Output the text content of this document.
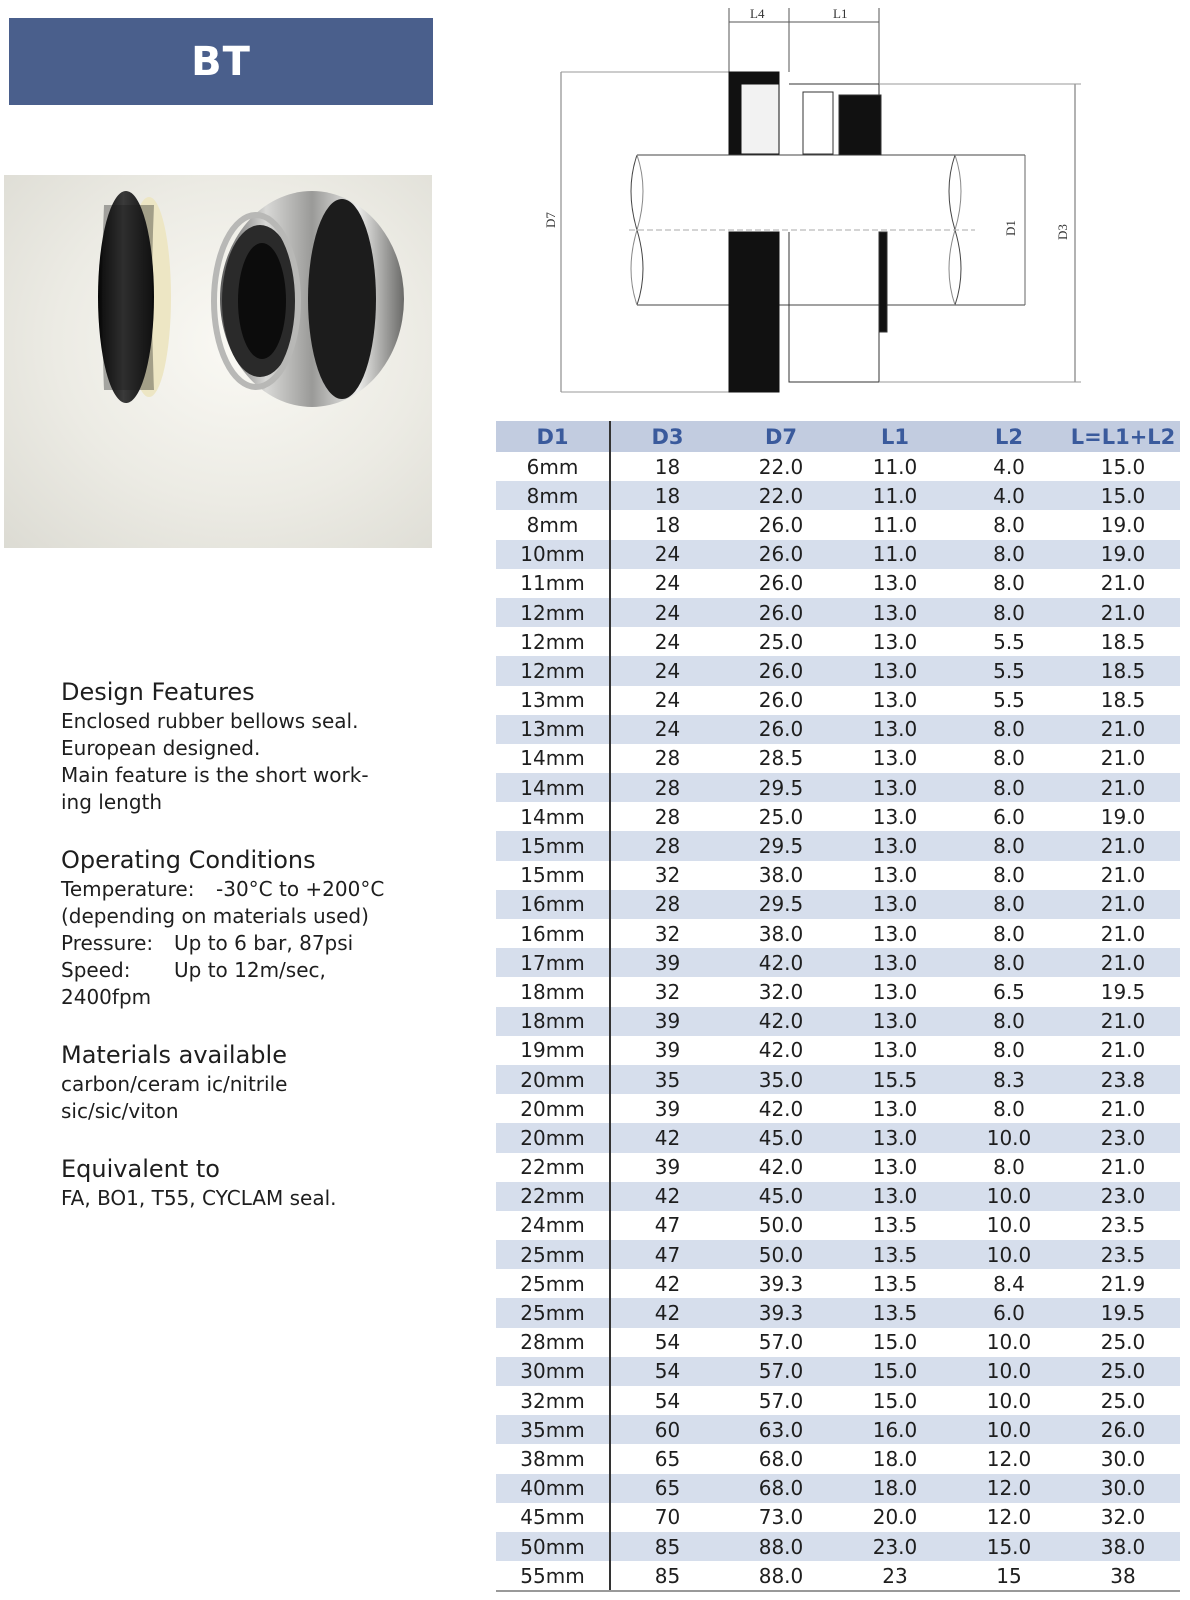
BT
Design Features

Enclosed rubber bellows seal.

European designed.

Main feature is the short work-

ing length

Operating Conditions
Temperature:	-30°C to +200°C

(depending on materials used)

Pressure:	Up to 6 bar, 87psi
Speed:	Up to 12m/sec,

2400fpm

Materials available

carbon/ceram ic/nitrile

sic/sic/viton

Equivalent to

FA, BO1, T55, CYCLAM seal.

L4	L1
D7
D1	D3
D1	D3	D7	L1	L2	L=L1+L2
6mm	18	22.0	11.0	4.0	15.0
8mm	18	22.0	11.0	4.0	15.0
8mm	18	26.0	11.0	8.0	19.0
10mm	24	26.0	11.0	8.0	19.0
11mm	24	26.0	13.0	8.0	21.0
12mm	24	26.0	13.0	8.0	21.0
12mm	24	25.0	13.0	5.5	18.5
12mm	24	26.0	13.0	5.5	18.5
13mm	24	26.0	13.0	5.5	18.5
13mm	24	26.0	13.0	8.0	21.0
14mm	28	28.5	13.0	8.0	21.0
14mm	28	29.5	13.0	8.0	21.0
14mm	28	25.0	13.0	6.0	19.0
15mm	28	29.5	13.0	8.0	21.0
15mm	32	38.0	13.0	8.0	21.0
16mm	28	29.5	13.0	8.0	21.0
16mm	32	38.0	13.0	8.0	21.0
17mm	39	42.0	13.0	8.0	21.0
18mm	32	32.0	13.0	6.5	19.5
18mm	39	42.0	13.0	8.0	21.0
19mm	39	42.0	13.0	8.0	21.0
20mm	35	35.0	15.5	8.3	23.8
20mm	39	42.0	13.0	8.0	21.0
20mm	42	45.0	13.0	10.0	23.0
22mm	39	42.0	13.0	8.0	21.0
22mm	42	45.0	13.0	10.0	23.0
24mm	47	50.0	13.5	10.0	23.5
25mm	47	50.0	13.5	10.0	23.5
25mm	42	39.3	13.5	8.4	21.9
25mm	42	39.3	13.5	6.0	19.5
28mm	54	57.0	15.0	10.0	25.0
30mm	54	57.0	15.0	10.0	25.0
32mm	54	57.0	15.0	10.0	25.0
35mm	60	63.0	16.0	10.0	26.0
38mm	65	68.0	18.0	12.0	30.0
40mm	65	68.0	18.0	12.0	30.0
45mm	70	73.0	20.0	12.0	32.0
50mm	85	88.0	23.0	15.0	38.0
55mm	85	88.0	23	15	38
